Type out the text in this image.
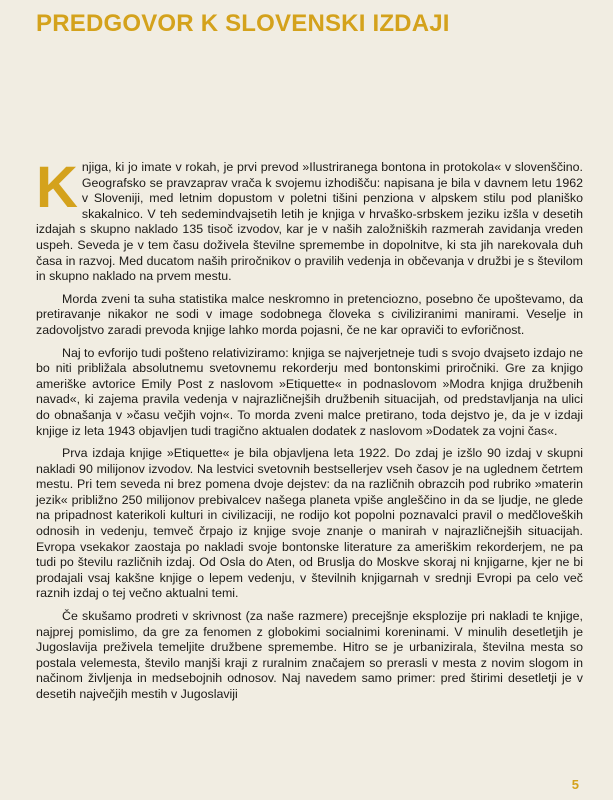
PREDGOVOR K SLOVENSKI IZDAJI

Knjiga, ki jo imate v rokah, je prvi prevod »Ilustriranega bontona in protokola« v slovenščino. Geografsko se pravzaprav vrača k svojemu izhodišču: napisana je bila v davnem letu 1962 v Sloveniji, med letnim dopustom v poletni tišini penziona v alpskem stilu pod planiško skakalnico. V teh sedemindvajsetih letih je knjiga v hrvaško-srbskem jeziku izšla v desetih izdajah s skupno naklado 135 tisoč izvodov, kar je v naših založniških razmerah zavidanja vreden uspeh. Seveda je v tem času doživela številne spremembe in dopolnitve, ki sta jih narekovala duh časa in razvoj. Med ducatom naših priročnikov o pravilih vedenja in občevanja v družbi je s številom in skupno naklado na prvem mestu.

Morda zveni ta suha statistika malce neskromno in pretenciozno, posebno če upoštevamo, da pretiravanje nikakor ne sodi v image sodobnega človeka s civiliziranimi manirami. Veselje in zadovoljstvo zaradi prevoda knjige lahko morda pojasni, če ne kar opraviči to evforičnost.

Naj to evforijo tudi pošteno relativiziramo: knjiga se najverjetneje tudi s svojo dvajseto izdajo ne bo niti približala absolutnemu svetovnemu rekorderju med bontonskimi priročniki. Gre za knjigo ameriške avtorice Emily Post z naslovom »Etiquette« in podnaslovom »Modra knjiga družbenih navad«, ki zajema pravila vedenja v najrazličnejših družbenih situacijah, od predstavljanja na ulici do obnašanja v »času večjih vojn«. To morda zveni malce pretirano, toda dejstvo je, da je v izdaji knjige iz leta 1943 objavljen tudi tragično aktualen dodatek z naslovom »Dodatek za vojni čas«.

Prva izdaja knjige »Etiquette« je bila objavljena leta 1922. Do zdaj je izšlo 90 izdaj v skupni nakladi 90 milijonov izvodov. Na lestvici svetovnih bestsellerjev vseh časov je na uglednem četrtem mestu. Pri tem seveda ni brez pomena dvoje dejstev: da na različnih obrazcih pod rubriko »materin jezik« približno 250 milijonov prebivalcev našega planeta vpiše angleščino in da se ljudje, ne glede na pripadnost katerikoli kulturi in civilizaciji, ne rodijo kot popolni poznavalci pravil o medčloveških odnosih in vedenju, temveč črpajo iz knjige svoje znanje o manirah v najrazličnejših situacijah. Evropa vsekakor zaostaja po nakladi svoje bontonske literature za ameriškim rekorderjem, ne pa tudi po številu različnih izdaj. Od Osla do Aten, od Bruslja do Moskve skoraj ni knjigarne, kjer ne bi prodajali vsaj kakšne knjige o lepem vedenju, v številnih knjigarnah v srednji Evropi pa celo več raznih izdaj o tej večno aktualni temi.

Če skušamo prodreti v skrivnost (za naše razmere) precejšnje eksplozije pri nakladi te knjige, najprej pomislimo, da gre za fenomen z globokimi socialnimi koreninami. V minulih desetletjih je Jugoslavija preživela temeljite družbene spremembe. Hitro se je urbanizirala, številna mesta so postala velemesta, število manjši kraji z ruralnim značajem so prerasli v mesta z novim slogom in načinom življenja in medsebojnih odnosov. Naj navedem samo primer: pred štirimi desetletji je v desetih največjih mestih v Jugoslaviji

5
